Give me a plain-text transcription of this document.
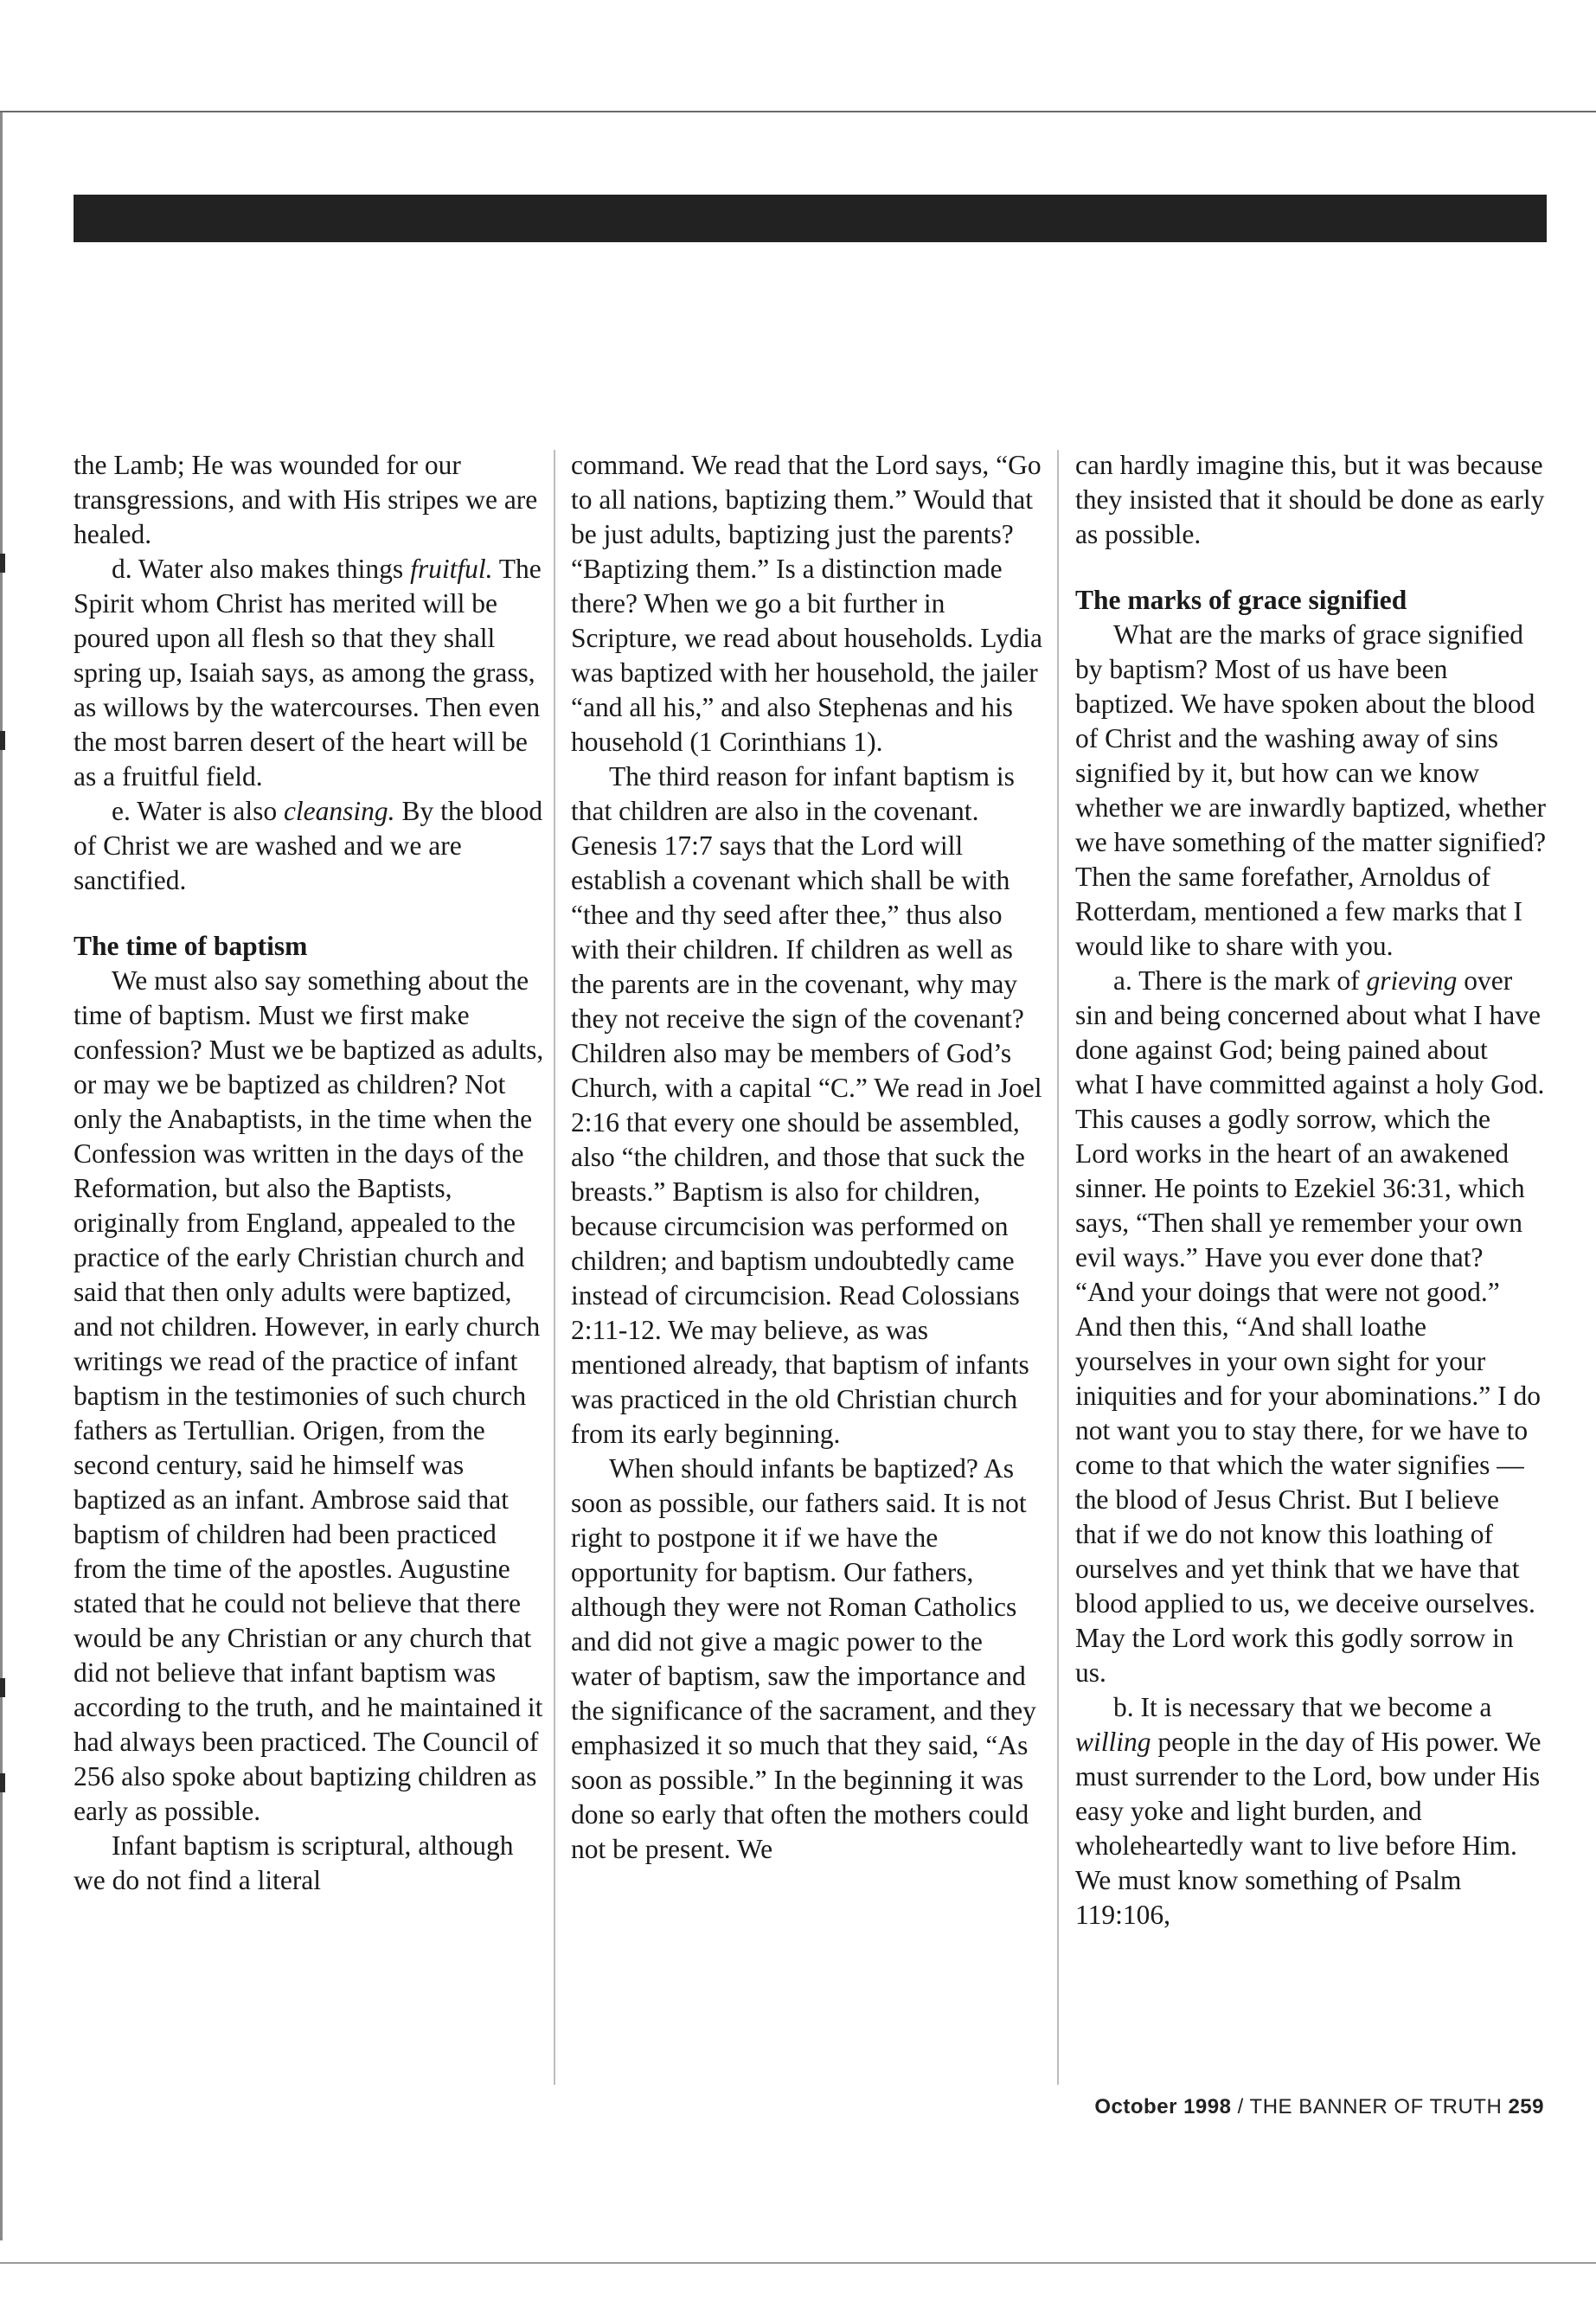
the Lamb; He was wounded for our transgressions, and with His stripes we are healed.

d. Water also makes things fruitful. The Spirit whom Christ has merited will be poured upon all flesh so that they shall spring up, Isaiah says, as among the grass, as willows by the watercourses. Then even the most barren desert of the heart will be as a fruitful field.

e. Water is also cleansing. By the blood of Christ we are washed and we are sanctified.

The time of baptism

We must also say something about the time of baptism. Must we first make confession? Must we be baptized as adults, or may we be baptized as children? Not only the Anabaptists, in the time when the Confession was written in the days of the Reformation, but also the Baptists, originally from England, appealed to the practice of the early Christian church and said that then only adults were baptized, and not children. However, in early church writings we read of the practice of infant baptism in the testimonies of such church fathers as Tertullian. Origen, from the second century, said he himself was baptized as an infant. Ambrose said that baptism of children had been practiced from the time of the apostles. Augustine stated that he could not believe that there would be any Christian or any church that did not believe that infant baptism was according to the truth, and he maintained it had always been practiced. The Council of 256 also spoke about baptizing children as early as possible.

Infant baptism is scriptural, although we do not find a literal

command. We read that the Lord says, “Go to all nations, baptizing them.” Would that be just adults, baptizing just the parents? “Baptizing them.” Is a distinction made there? When we go a bit further in Scripture, we read about households. Lydia was baptized with her household, the jailer “and all his,” and also Stephenas and his household (1 Corinthians 1).

The third reason for infant baptism is that children are also in the covenant. Genesis 17:7 says that the Lord will establish a covenant which shall be with “thee and thy seed after thee,” thus also with their children. If children as well as the parents are in the covenant, why may they not receive the sign of the covenant? Children also may be members of God’s Church, with a capital “C.” We read in Joel 2:16 that every one should be assembled, also “the children, and those that suck the breasts.” Baptism is also for children, because circumcision was performed on children; and baptism undoubtedly came instead of circumcision. Read Colossians 2:11-12. We may believe, as was mentioned already, that baptism of infants was practiced in the old Christian church from its early beginning.

When should infants be baptized? As soon as possible, our fathers said. It is not right to postpone it if we have the opportunity for baptism. Our fathers, although they were not Roman Catholics and did not give a magic power to the water of baptism, saw the importance and the significance of the sacrament, and they emphasized it so much that they said, “As soon as possible.” In the beginning it was done so early that often the mothers could not be present. We

can hardly imagine this, but it was because they insisted that it should be done as early as possible.

The marks of grace signified

What are the marks of grace signified by baptism? Most of us have been baptized. We have spoken about the blood of Christ and the washing away of sins signified by it, but how can we know whether we are inwardly baptized, whether we have something of the matter signified? Then the same forefather, Arnoldus of Rotterdam, mentioned a few marks that I would like to share with you.

a. There is the mark of grieving over sin and being concerned about what I have done against God; being pained about what I have committed against a holy God. This causes a godly sorrow, which the Lord works in the heart of an awakened sinner. He points to Ezekiel 36:31, which says, “Then shall ye remember your own evil ways.” Have you ever done that? “And your doings that were not good.” And then this, “And shall loathe yourselves in your own sight for your iniquities and for your abominations.” I do not want you to stay there, for we have to come to that which the water signifies — the blood of Jesus Christ. But I believe that if we do not know this loathing of ourselves and yet think that we have that blood applied to us, we deceive ourselves. May the Lord work this godly sorrow in us.

b. It is necessary that we become a willing people in the day of His power. We must surrender to the Lord, bow under His easy yoke and light burden, and wholeheartedly want to live before Him. We must know something of Psalm 119:106,

October 1998 / THE BANNER OF TRUTH 259
